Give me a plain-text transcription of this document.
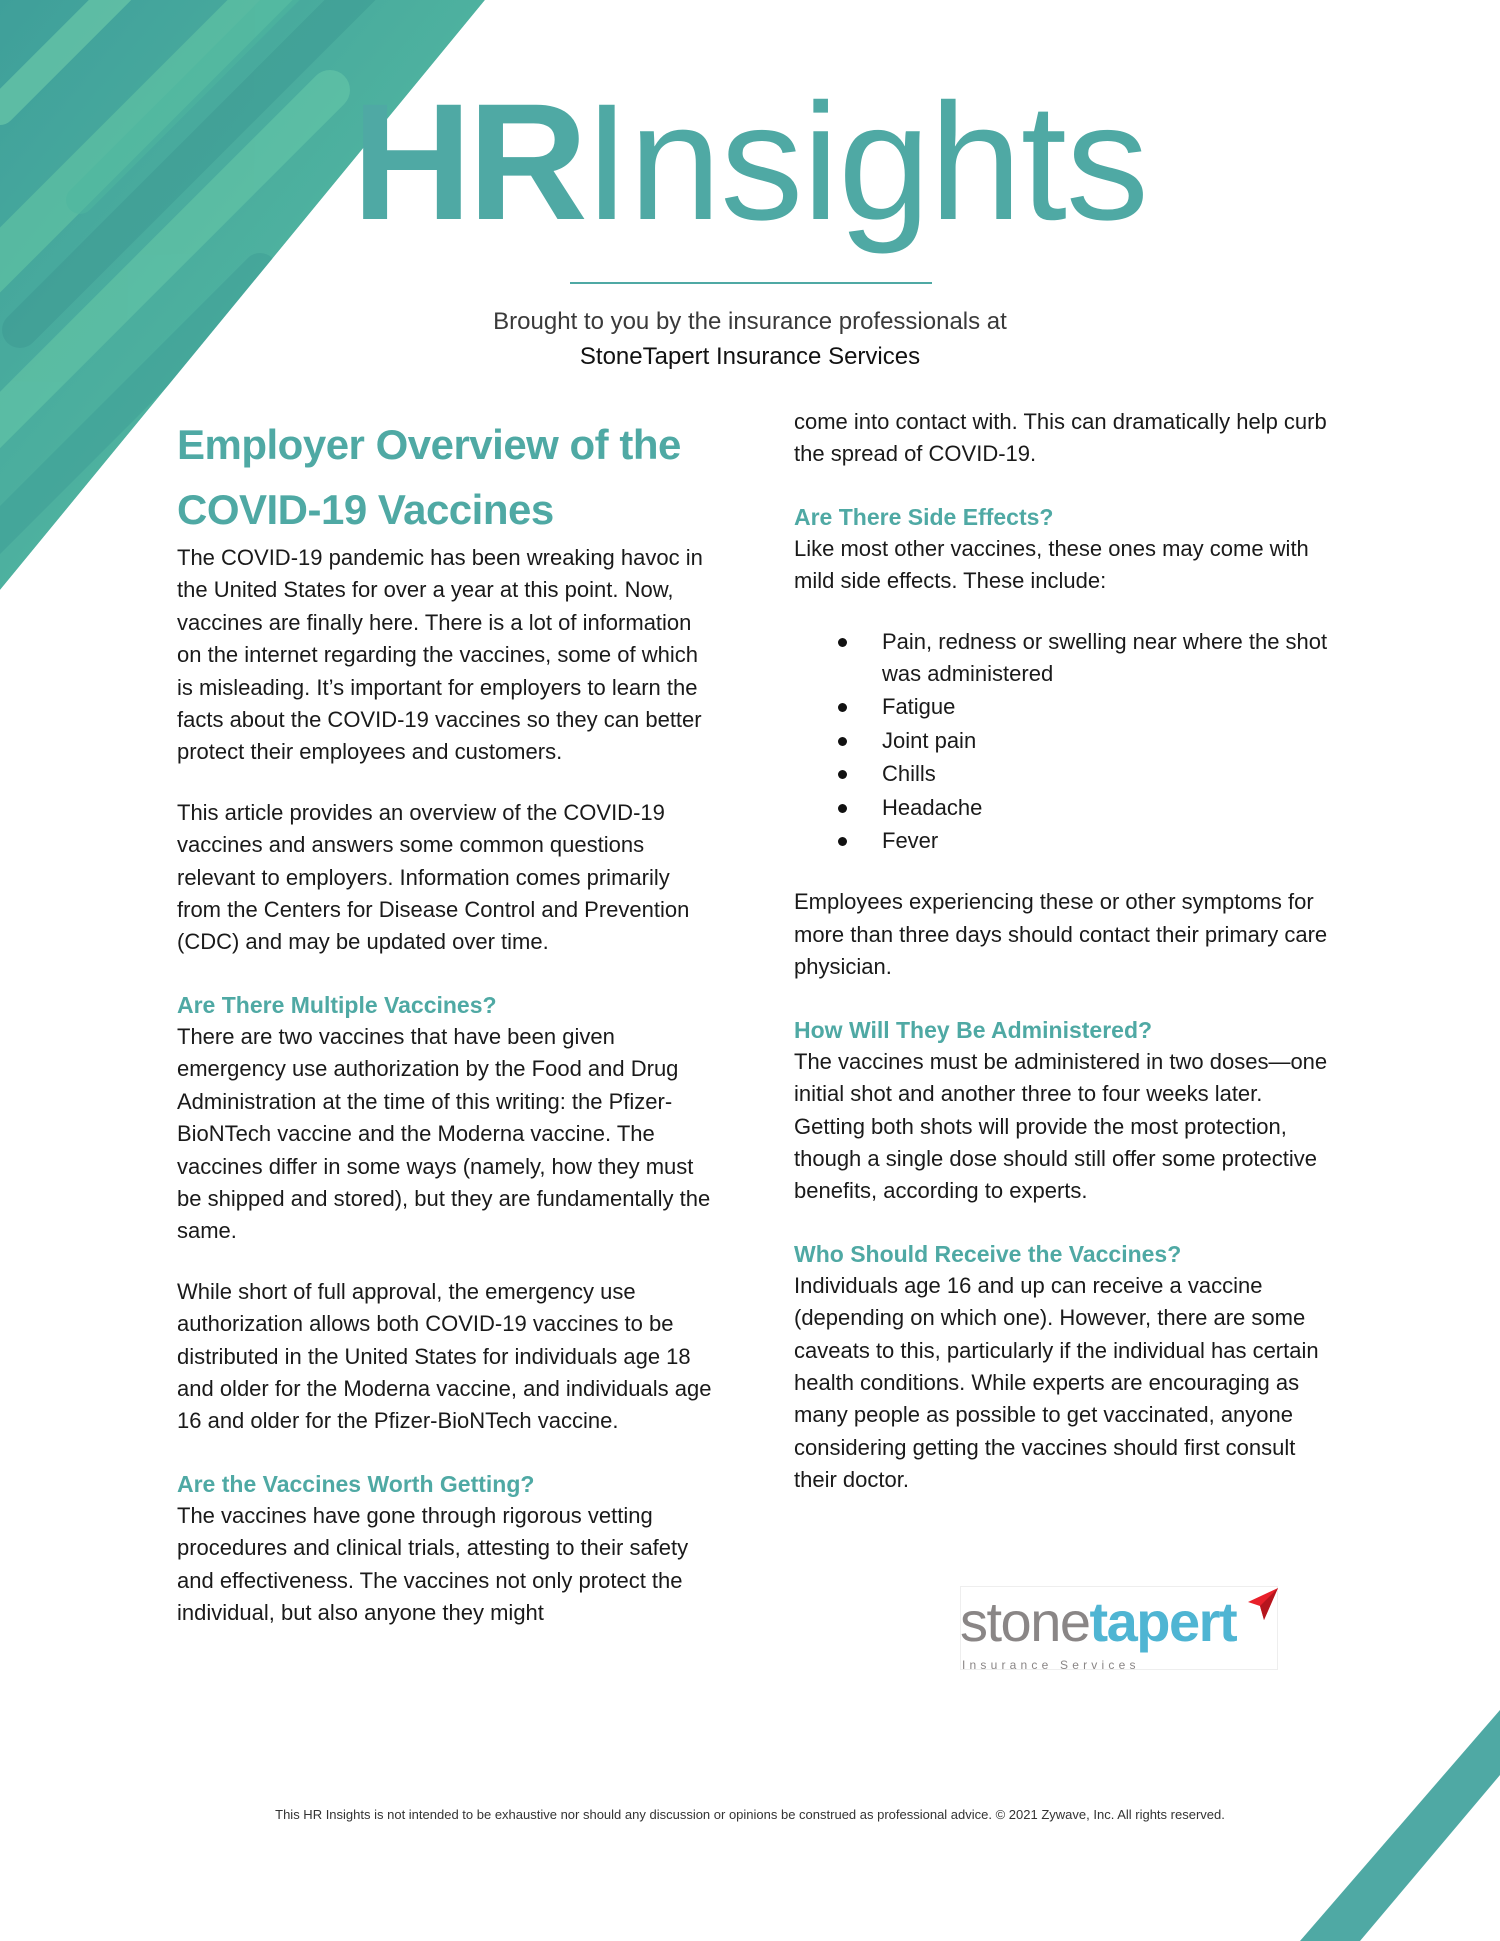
HRInsights
Brought to you by the insurance professionals at
StoneTapert Insurance Services
Employer Overview of the
COVID-19 Vaccines

The COVID-19 pandemic has been wreaking havoc in the United States for over a year at this point. Now, vaccines are finally here. There is a lot of information on the internet regarding the vaccines, some of which is misleading. It’s important for employers to learn the facts about the COVID-19 vaccines so they can better protect their employees and customers.

This article provides an overview of the COVID-19 vaccines and answers some common questions relevant to employers. Information comes primarily from the Centers for Disease Control and Prevention (CDC) and may be updated over time.

Are There Multiple Vaccines?

There are two vaccines that have been given emergency use authorization by the Food and Drug Administration at the time of this writing: the Pfizer-BioNTech vaccine and the Moderna vaccine. The vaccines differ in some ways (namely, how they must be shipped and stored), but they are fundamentally the same.

While short of full approval, the emergency use authorization allows both COVID-19 vaccines to be distributed in the United States for individuals age 18 and older for the Moderna vaccine, and individuals age 16 and older for the Pfizer-BioNTech vaccine.

Are the Vaccines Worth Getting?

The vaccines have gone through rigorous vetting procedures and clinical trials, attesting to their safety and effectiveness. The vaccines not only protect the individual, but also anyone they might

come into contact with. This can dramatically help curb the spread of COVID-19.

Are There Side Effects?

Like most other vaccines, these ones may come with mild side effects. These include:

Pain, redness or swelling near where the shot was administered
Fatigue
Joint pain
Chills
Headache
Fever

Employees experiencing these or other symptoms for more than three days should contact their primary care physician.

How Will They Be Administered?

The vaccines must be administered in two doses—one initial shot and another three to four weeks later. Getting both shots will provide the most protection, though a single dose should still offer some protective benefits, according to experts.

Who Should Receive the Vaccines?

Individuals age 16 and up can receive a vaccine (depending on which one). However, there are some caveats to this, particularly if the individual has certain health conditions. While experts are encouraging as many people as possible to get vaccinated, anyone considering getting the vaccines should first consult their doctor.

stonetapert
Insurance Services
This HR Insights is not intended to be exhaustive nor should any discussion or opinions be construed as professional advice. © 2021 Zywave, Inc. All rights reserved.
